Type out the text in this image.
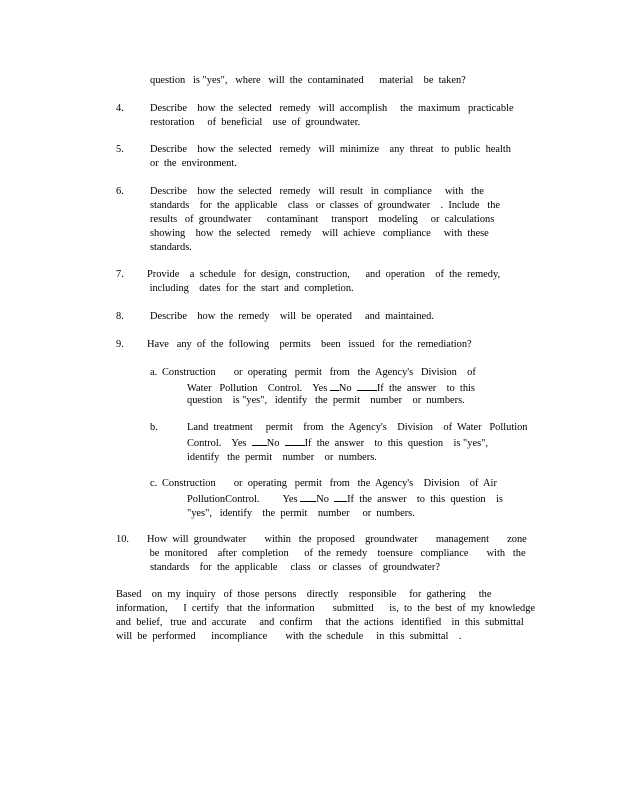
question   is "yes",   where   will  the  contaminated      material    be  taken?
4.	Describe    how  the  selected   remedy   will  accomplish     the  maximum   practicable
restoration     of  beneficial    use  of  groundwater.
5.	Describe    how  the  selected   remedy   will  minimize    any  threat   to  public  health
or  the  environment.
6.	Describe    how  the  selected   remedy   will  result   in  compliance     with   the
standards    for  the  applicable    class   or  classes  of  groundwater    .  Include   the
results   of  groundwater      contaminant     transport    modeling     or  calculations
showing    how  the  selected    remedy    will  achieve   compliance     with  these
standards.
7. Provide    a  schedule   for  design,  construction,      and  operation    of  the  remedy,
including    dates  for  the  start  and  completion.
8.	Describe    how  the  remedy    will  be  operated     and  maintained.
9. Have   any  of  the  following    permits    been   issued   for  the  remediation?
a. Construction       or  operating   permit   from   the  Agency's   Division    of
Water   Pollution    Control.    Yes No If  the  answer    to  this
question    is "yes",   identify   the  permit    number    or  numbers.
b.	Land  treatment     permit    from   the  Agency's    Division    of  Water   Pollution
Control.    Yes No If  the  answer    to  this  question    is "yes",
identify   the  permit    number    or  numbers.
c. Construction       or  operating   permit   from   the  Agency's    Division    of  Air
PollutionControl.         Yes No If  the  answer    to  this  question    is
"yes",   identify    the  permit    number     or  numbers.
10. How  will  groundwater       within   the  proposed    groundwater       management       zone
be  monitored    after  completion      of  the  remedy    toensure   compliance       with   the
standards    for  the  applicable     class   or  classes   of  groundwater?
Based    on  my  inquiry   of  those  persons    directly    responsible     for  gathering     the
information,      I  certify   that  the  information       submitted      is,  to  the  best  of  my  knowledge
and  belief,   true  and  accurate     and  confirm     that  the  actions   identified    in  this  submittal
will  be  performed      incompliance       with  the  schedule     in  this  submittal    .
